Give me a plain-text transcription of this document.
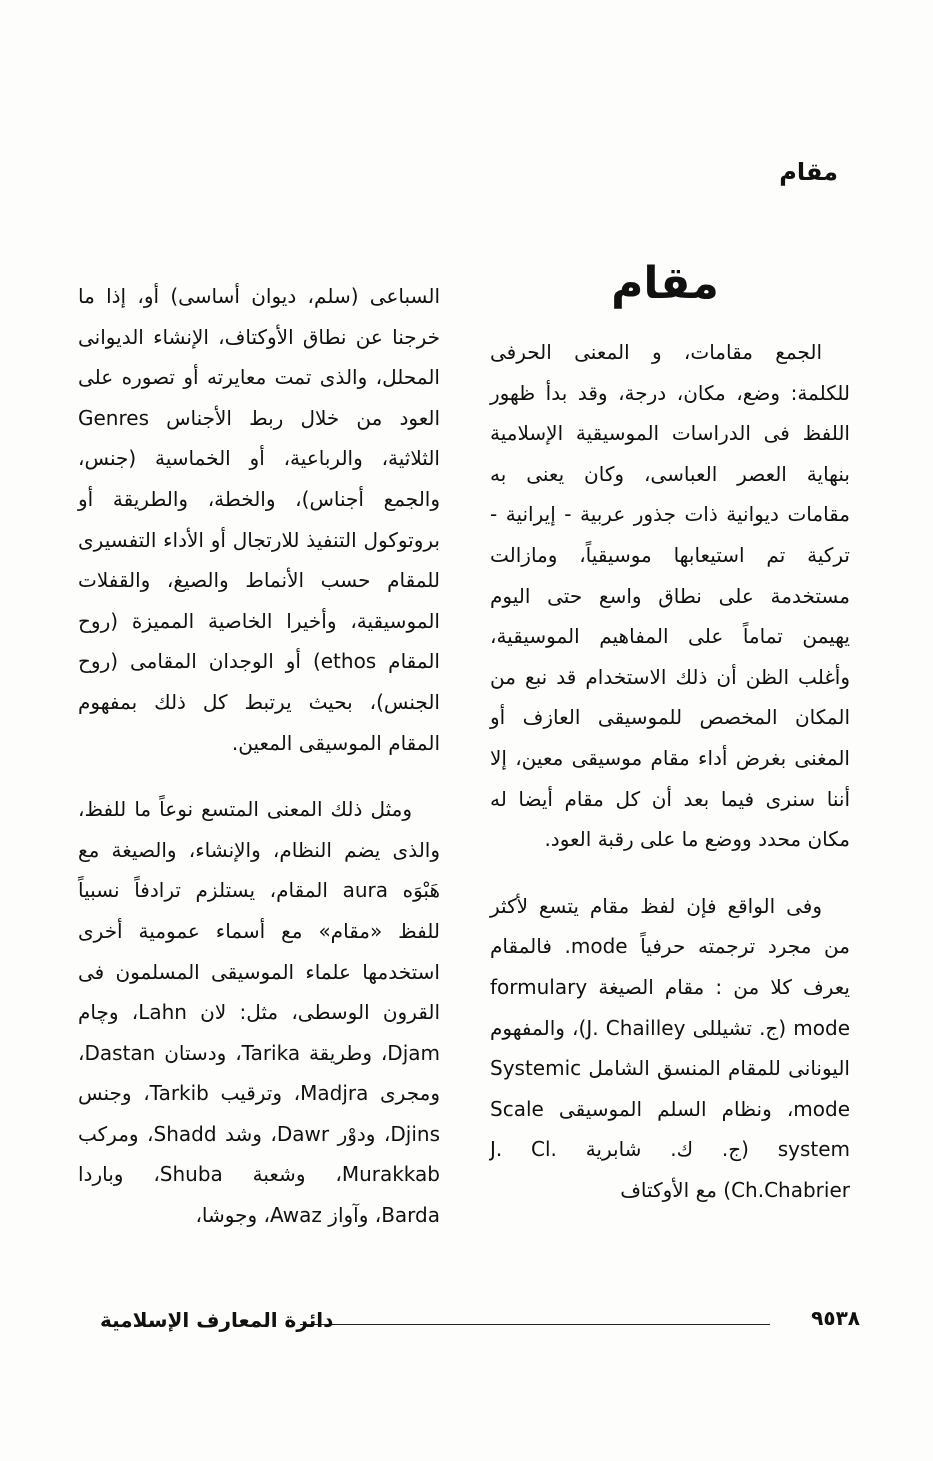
مقام
مقام

الجمع مقامات، و المعنى الحرفى للكلمة: وضع، مكان، درجة، وقد بدأ ظهور اللفظ فى الدراسات الموسيقية الإسلامية بنهاية العصر العباسى، وكان يعنى به مقامات ديوانية ذات جذور عربية - إيرانية - تركية تم استيعابها موسيقياً، ومازالت مستخدمة على نطاق واسع حتى اليوم يهيمن تماماً على المفاهيم الموسيقية، وأغلب الظن أن ذلك الاستخدام قد نبع من المكان المخصص للموسيقى العازف أو المغنى بغرض أداء مقام موسيقى معين، إلا أننا سنرى فيما بعد أن كل مقام أيضا له مكان محدد ووضع ما على رقبة العود.

وفى الواقع فإن لفظ مقام يتسع لأكثر من مجرد ترجمته حرفياً mode. فالمقام يعرف كلا من : مقام الصيغة formulary mode (ج. تشيللى J. Chailley)، والمفهوم اليونانى للمقام المنسق الشامل Systemic mode، ونظام السلم الموسيقى Scale system (ج. ك. شابرية J. Cl. Ch.Chabrier) مع الأوكتاف

السباعى (سلم، ديوان أساسى) أو، إذا ما خرجنا عن نطاق الأوكتاف، الإنشاء الديوانى المحلل، والذى تمت معايرته أو تصوره على العود من خلال ربط الأجناس Genres الثلاثية، والرباعية، أو الخماسية (جنس، والجمع أجناس)، والخطة، والطريقة أو بروتوكول التنفيذ للارتجال أو الأداء التفسيرى للمقام حسب الأنماط والصيغ، والقفلات الموسيقية، وأخيرا الخاصية المميزة (روح المقام ethos) أو الوجدان المقامى (روح الجنس)، بحيث يرتبط كل ذلك بمفهوم المقام الموسيقى المعين.

ومثل ذلك المعنى المتسع نوعاً ما للفظ، والذى يضم النظام، والإنشاء، والصيغة مع هَبْوَه aura المقام، يستلزم ترادفاً نسبياً للفظ «مقام» مع أسماء عمومية أخرى استخدمها علماء الموسيقى المسلمون فى القرون الوسطى، مثل: لان Lahn، وچام Djam، وطريقة Tarika، ودستان Dastan، ومجرى Madjra، وترقيب Tarkib، وجنس Djins، ودوْر Dawr، وشد Shadd، ومركب Murakkab، وشعبة Shuba، وباردا Barda، وآواز Awaz، وجوشا،

٩٥٣٨
دائرة المعارف الإسلامية
